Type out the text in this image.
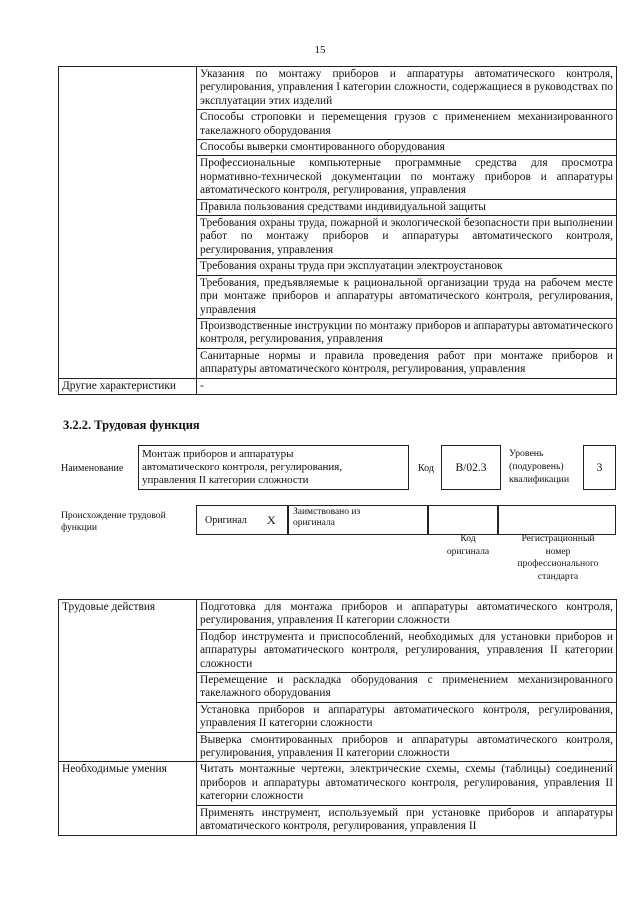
15
	Указания по монтажу приборов и аппаратуры автоматического контроля, регулирования, управления I категории сложности, содержащиеся в руководствах по эксплуатации этих изделий
	Способы строповки и перемещения грузов с применением механизированного такелажного оборудования
	Способы выверки смонтированного оборудования
	Профессиональные компьютерные программные средства для просмотра нормативно-технической документации по монтажу приборов и аппаратуры автоматического контроля, регулирования, управления
	Правила пользования средствами индивидуальной защиты
	Требования охраны труда, пожарной и экологической безопасности при выполнении работ по монтажу приборов и аппаратуры автоматического контроля, регулирования, управления
	Требования охраны труда при эксплуатации электроустановок
	Требования, предъявляемые к рациональной организации труда на рабочем месте при монтаже приборов и аппаратуры автоматического контроля, регулирования, управления
	Производственные инструкции по монтажу приборов и аппаратуры автоматического контроля, регулирования, управления
	Санитарные нормы и правила проведения работ при монтаже приборов и аппаратуры автоматического контроля, регулирования, управления
Другие характеристики	-
3.2.2. Трудовая функция
Наименование
Монтаж приборов и аппаратуры
автоматического контроля, регулирования,
управления II категории сложности
Код	B/02.3
Уровень
(подуровень)
квалификации
3
Происхождение трудовой
функции
Оригинал X
Заимствовано из
оригинала
Код
оригинала
Регистрационный
номер
профессионального
стандарта
Трудовые действия	Подготовка для монтажа приборов и аппаратуры автоматического контроля, регулирования, управления II категории сложности
	Подбор инструмента и приспособлений, необходимых для установки приборов и аппаратуры автоматического контроля, регулирования, управления II категории сложности
	Перемещение и раскладка оборудования с применением механизированного такелажного оборудования
	Установка приборов и аппаратуры автоматического контроля, регулирования, управления II категории сложности
	Выверка смонтированных приборов и аппаратуры автоматического контроля, регулирования, управления II категории сложности
Необходимые умения	Читать монтажные чертежи, электрические схемы, схемы (таблицы) соединений приборов и аппаратуры автоматического контроля, регулирования, управления II категории сложности
	Применять инструмент, используемый при установке приборов и аппаратуры автоматического контроля, регулирования, управления II
